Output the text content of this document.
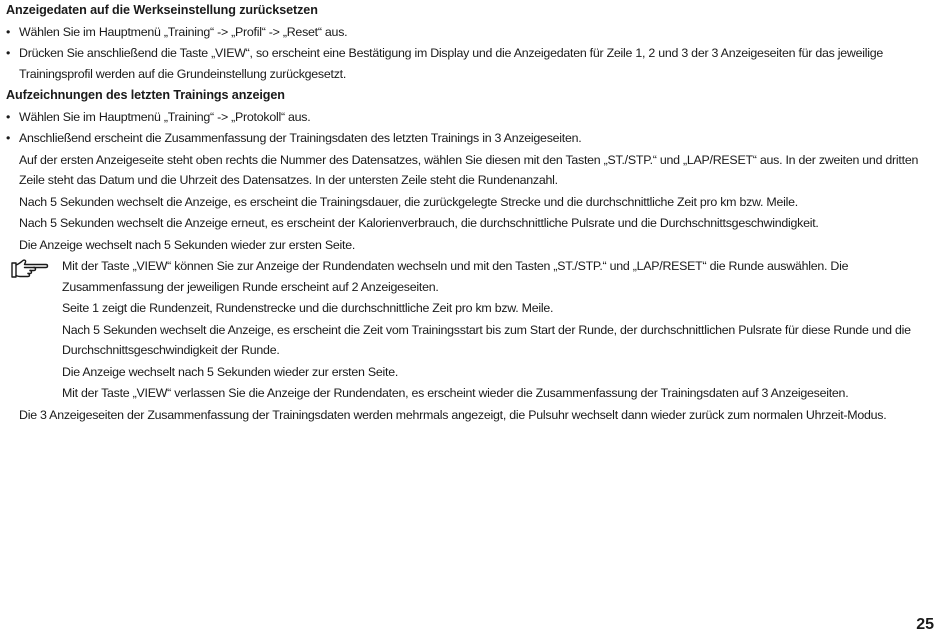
Anzeigedaten auf die Werkseinstellung zurücksetzen
• Wählen Sie im Hauptmenü „Training“ -> „Profil“ -> „Reset“ aus.
• Drücken Sie anschließend die Taste „VIEW“, so erscheint eine Bestätigung im Display und die Anzeigedaten für Zeile 1, 2 und 3 der 3 Anzeigeseiten für das jeweilige Trainingsprofil werden auf die Grundeinstellung zurückgesetzt.
Aufzeichnungen des letzten Trainings anzeigen
• Wählen Sie im Hauptmenü „Training“ -> „Protokoll“ aus.
• Anschließend erscheint die Zusammenfassung der Trainingsdaten des letzten Trainings in 3 Anzeigeseiten.
Auf der ersten Anzeigeseite steht oben rechts die Nummer des Datensatzes, wählen Sie diesen mit den Tasten „ST./STP.“ und „LAP/RESET“ aus. In der zweiten und dritten Zeile steht das Datum und die Uhrzeit des Datensatzes. In der untersten Zeile steht die Rundenanzahl.
Nach 5 Sekunden wechselt die Anzeige, es erscheint die Trainingsdauer, die zurückgelegte Strecke und die durchschnittliche Zeit pro km bzw. Meile.
Nach 5 Sekunden wechselt die Anzeige erneut, es erscheint der Kalorienverbrauch, die durchschnittliche Pulsrate und die Durchschnittsgeschwindigkeit.
Die Anzeige wechselt nach 5 Sekunden wieder zur ersten Seite.
Mit der Taste „VIEW“ können Sie zur Anzeige der Rundendaten wechseln und mit den Tasten „ST./STP.“ und „LAP/RESET“ die Runde auswählen. Die Zusammenfassung der jeweiligen Runde erscheint auf 2 Anzeigeseiten.
Seite 1 zeigt die Rundenzeit, Rundenstrecke und die durchschnittliche Zeit pro km bzw. Meile.
Nach 5 Sekunden wechselt die Anzeige, es erscheint die Zeit vom Trainingsstart bis zum Start der Runde, der durchschnittlichen Pulsrate für diese Runde und die Durchschnittsgeschwindigkeit der Runde.
Die Anzeige wechselt nach 5 Sekunden wieder zur ersten Seite.
Mit der Taste „VIEW“ verlassen Sie die Anzeige der Rundendaten, es erscheint wieder die Zusammenfassung der Trainingsdaten auf 3 Anzeigeseiten.
Die 3 Anzeigeseiten der Zusammenfassung der Trainingsdaten werden mehrmals angezeigt, die Pulsuhr wechselt dann wieder zurück zum normalen Uhrzeit-Modus.
25
